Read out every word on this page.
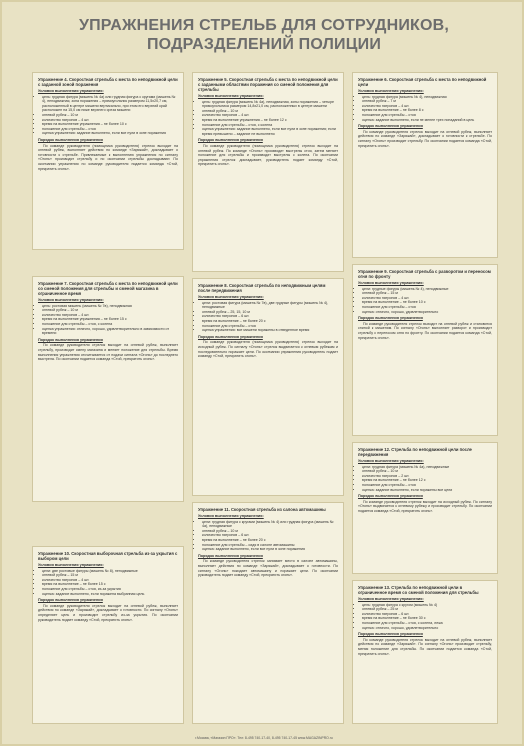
УПРАЖНЕНИЯ СТРЕЛЬБ ДЛЯ СОТРУДНИКОВ,
ПОДРАЗДЕЛЕНИЙ ПОЛИЦИИ
Упражнение 4. Скоростная стрельба с места по неподвижной цели с заданной зоной поражения
Условия выполнения упражнения:
• цель: грудная фигура (мишень № 4а) или грудная фигура с кругами (мишень № 4), неподвижная, зона поражения – прямоугольник размером 11,5x20,7 см, расположенный в центре мишени вертикально, при этом его верхний край расположен на 15,0 см ниже верхнего среза мишени
• огневой рубеж – 10 м
• количество патронов – 4 шт.
• время на выполнение упражнения – не более 10 с
• положение для стрельбы – стоя
• оценка упражнения: задание выполнено, если все пули в зоне поражения
Порядок выполнения упражнения

По команде руководителя (помощника руководителя) стрелок выходит на огневой рубеж, выполняет действия по команде «Заряжай», докладывает о готовности к стрельбе. Привлекаемые к выполнению упражнения по сигналу «Огонь» производят стрельбу и по окончании стрельбы докладывают. По окончании упражнения по команде руководителя подается команда «Стой, прекратить огонь».

Упражнение 7. Скоростная стрельба с места по неподвижной цели со сменой положения для стрельбы и сменой магазина в ограниченное время
Условия выполнения упражнения:
• цель: ростовая мишень (мишень № 7в), неподвижная
• огневой рубеж – 10 м
• количество патронов – 4 шт.
• время на выполнение упражнения – не более 15 с
• положение для стрельбы – стоя, с колена
• оценка упражнения: отлично, хорошо, удовлетворительно в зависимости от времени
Порядок выполнения упражнения

По команде руководителя стрелок выходит на огневой рубеж, выполняет стрельбу, производит смену магазина и меняет положение для стрельбы. Время выполнения упражнения отсчитывается от подачи сигнала «Огонь» до последнего выстрела. По окончании подается команда «Стой, прекратить огонь».

Упражнение 10. Скоростная выборочная стрельба из-за укрытия с выбором цели
Условия выполнения упражнения:
• цели: две ростовые фигуры (мишень № 8), неподвижные
• огневой рубеж – 15 м
• количество патронов – 4 шт.
• время на выполнение – не более 15 с
• положение для стрельбы – стоя, из-за укрытия
• оценка: задание выполнено, если поражена выбранная цель
Порядок выполнения упражнения

По команде руководителя стрелок выходит на огневой рубеж, выполняет действия по команде «Заряжай», докладывает о готовности. По сигналу «Огонь» определяет цель и производит стрельбу из-за укрытия. По окончании руководитель подает команду «Стой, прекратить огонь».

Упражнение 5. Скоростная стрельба с места по неподвижной цели с заданными областями поражения со сменой положения для стрельбы
Условия выполнения упражнения:
• цель: грудная фигура (мишень № 4а), неподвижная, зоны поражения – четыре прямоугольника размером 14,8x21,0 см, расположенных в центре мишени
• огневой рубеж – 10 м
• количество патронов – 4 шт.
• время на выполнение упражнения – не более 12 с
• положение для стрельбы – стоя, с колена
• оценка упражнения: задание выполнено, если все пули в зоне поражения; если время превышено – задание не выполнено
Порядок выполнения упражнения

По команде руководителя (помощника руководителя) стрелок выходит на огневой рубеж. По команде «Огонь» производит выстрелы стоя, затем меняет положение для стрельбы и производит выстрелы с колена. По окончании упражнения стрелок докладывает, руководитель подает команду «Стой, прекратить огонь».

Упражнение 8. Скоростная стрельба по неподвижным целям после передвижения
Условия выполнения упражнения:
• цели: ростовая фигура (мишень № 7в), две грудные фигуры (мишень № 4), неподвижные
• огневой рубеж – 25, 15, 10 м
• количество патронов – 6 шт.
• время на выполнение – не более 20 с
• положение для стрельбы – стоя
• оценка упражнения: все мишени поражены в отведенное время
Порядок выполнения упражнения

По команде руководителя (помощника руководителя) стрелок выходит на исходный рубеж. По сигналу «Огонь» стрелок выдвигается к огневым рубежам и последовательно поражает цели. По окончании упражнения руководитель подает команду «Стой, прекратить огонь».

Упражнение 11. Скоростная стрельба из салона автомашины
Условия выполнения упражнения:
• цели: грудная фигура с кругами (мишень № 4) или грудная фигура (мишень № 4а), неподвижные
• огневой рубеж – 10 м
• количество патронов – 6 шт.
• время на выполнение – не более 20 с
• положение для стрельбы – сидя в салоне автомашины
• оценка: задание выполнено, если все пули в зоне поражения
Порядок выполнения упражнения

По команде руководителя стрелок занимает место в салоне автомашины, выполняет действия по команде «Заряжай», докладывает о готовности. По сигналу «Огонь» покидает автомашину и поражает цели. По окончании руководитель подает команду «Стой, прекратить огонь».

Упражнение 6. Скоростная стрельба с места по неподвижной цели
Условия выполнения упражнения:
• цель: грудная фигура (мишень № 4), неподвижная
• огневой рубеж – 7 м
• количество патронов – 4 шт.
• время на выполнение – не более 8 с
• положение для стрельбы – стоя
• оценка: задание выполнено, если не менее трех попаданий в цель
Порядок выполнения упражнения

По команде руководителя стрелок выходит на огневой рубеж, выполняет действия по команде «Заряжай», докладывает о готовности к стрельбе. По сигналу «Огонь» производит стрельбу. По окончании подается команда «Стой, прекратить огонь».

Упражнение 9. Скоростная стрельба с разворотом и переносом огня по фронту
Условия выполнения упражнения:
• цели: грудные фигуры (мишень № 4), неподвижные
• огневой рубеж – 15 м
• количество патронов – 4 шт.
• время на выполнение – не более 10 с
• положение для стрельбы – стоя
• оценка: отлично, хорошо, удовлетворительно
Порядок выполнения упражнения

По команде руководителя стрелок выходит на огневой рубеж и становится спиной к мишеням. По сигналу «Огонь» выполняет разворот и производит стрельбу с переносом огня по фронту. По окончании подается команда «Стой, прекратить огонь».

Упражнение 12. Стрельба по неподвижной цели после передвижения
Условия выполнения упражнения:
• цели: грудная фигура (мишень № 4а), неподвижные
• огневой рубеж – 10 м
• количество патронов – 2 шт.
• время на выполнение – не более 12 с
• положение для стрельбы – стоя
• оценка: задание выполнено, если поражены все цели
Порядок выполнения упражнения

По команде руководителя стрелок выходит на исходный рубеж. По сигналу «Огонь» выдвигается к огневому рубежу и производит стрельбу. По окончании подается команда «Стой, прекратить огонь».

Упражнение 13. Стрельба по неподвижной цели в ограниченное время со сменой положения для стрельбы
Условия выполнения упражнения:
• цель: грудная фигура с кругом (мишень № 4)
• огневой рубеж – 25 м
• количество патронов – 6 шт.
• время на выполнение – не более 30 с
• положение для стрельбы – стоя, с колена, лежа
• оценка: отлично, хорошо, удовлетворительно
Порядок выполнения упражнения

По команде руководителя стрелок выходит на огневой рубеж, выполняет действия по команде «Заряжай». По сигналу «Огонь» производит стрельбу, меняя положение для стрельбы. По окончании подается команда «Стой, прекратить огонь».

г.Москва, «Магазин ПРО». Тел: 8-495 740-17-40, 8-495 740-17-45 www.MAGAZINPRO.ru
